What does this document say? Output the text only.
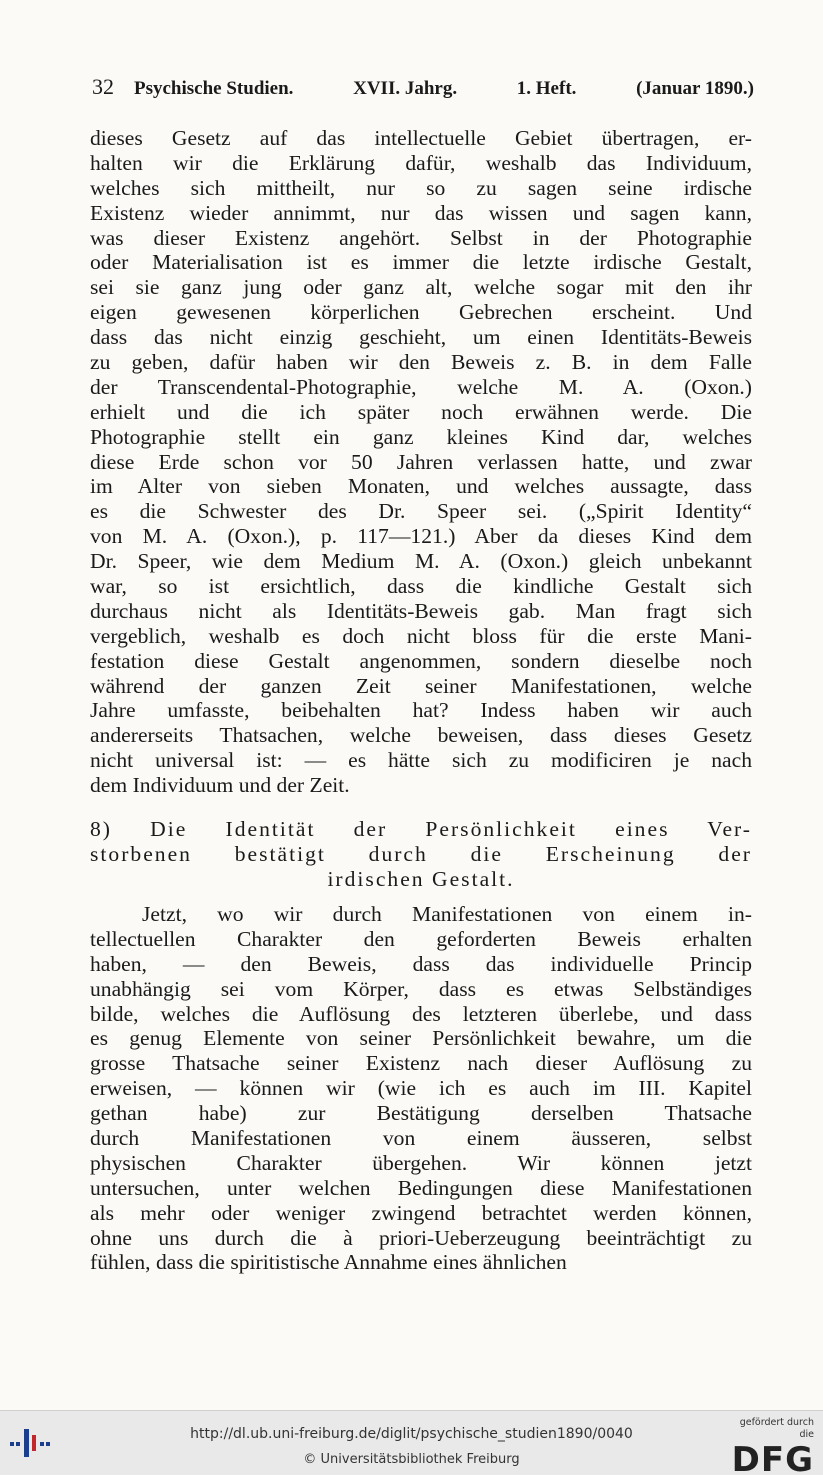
32 Psychische Studien.	XVII. Jahrg.	1. Heft.	(Januar 1890.)
dieses Gesetz auf das intellectuelle Gebiet übertragen, er-
halten wir die Erklärung dafür, weshalb das Individuum,
welches sich mittheilt, nur so zu sagen seine irdische
Existenz wieder annimmt, nur das wissen und sagen kann,
was dieser Existenz angehört. Selbst in der Photographie
oder Materialisation ist es immer die letzte irdische Gestalt,
sei sie ganz jung oder ganz alt, welche sogar mit den ihr
eigen gewesenen körperlichen Gebrechen erscheint. Und
dass das nicht einzig geschieht, um einen Identitäts-Beweis
zu geben, dafür haben wir den Beweis z. B. in dem Falle
der Transcendental-Photographie, welche M. A. (Oxon.)
erhielt und die ich später noch erwähnen werde. Die
Photographie stellt ein ganz kleines Kind dar, welches
diese Erde schon vor 50 Jahren verlassen hatte, und zwar
im Alter von sieben Monaten, und welches aussagte, dass
es die Schwester des Dr. Speer sei. („Spirit Identity“
von M. A. (Oxon.), p. 117—121.) Aber da dieses Kind dem
Dr. Speer, wie dem Medium M. A. (Oxon.) gleich unbekannt
war, so ist ersichtlich, dass die kindliche Gestalt sich
durchaus nicht als Identitäts-Beweis gab. Man fragt sich
vergeblich, weshalb es doch nicht bloss für die erste Mani-
festation diese Gestalt angenommen, sondern dieselbe noch
während der ganzen Zeit seiner Manifestationen, welche
Jahre umfasste, beibehalten hat? Indess haben wir auch
andererseits Thatsachen, welche beweisen, dass dieses Gesetz
nicht universal ist: — es hätte sich zu modificiren je nach
dem Individuum und der Zeit.
8) Die Identität der Persönlichkeit eines Ver-
storbenen bestätigt durch die Erscheinung der
irdischen Gestalt.
Jetzt, wo wir durch Manifestationen von einem in-
tellectuellen Charakter den geforderten Beweis erhalten
haben, — den Beweis, dass das individuelle Princip
unabhängig sei vom Körper, dass es etwas Selbständiges
bilde, welches die Auflösung des letzteren überlebe, und dass
es genug Elemente von seiner Persönlichkeit bewahre, um die
grosse Thatsache seiner Existenz nach dieser Auflösung zu
erweisen, — können wir (wie ich es auch im III. Kapitel
gethan habe) zur Bestätigung derselben Thatsache
durch Manifestationen von einem äusseren, selbst
physischen Charakter übergehen. Wir können jetzt
untersuchen, unter welchen Bedingungen diese Manifestationen
als mehr oder weniger zwingend betrachtet werden können,
ohne uns durch die à priori-Ueberzeugung beeinträchtigt zu
fühlen, dass die spiritistische Annahme eines ähnlichen
http://dl.ub.uni-freiburg.de/diglit/psychische_studien1890/0040
© Universitätsbibliothek Freiburg
gefördert durch die
DFG
